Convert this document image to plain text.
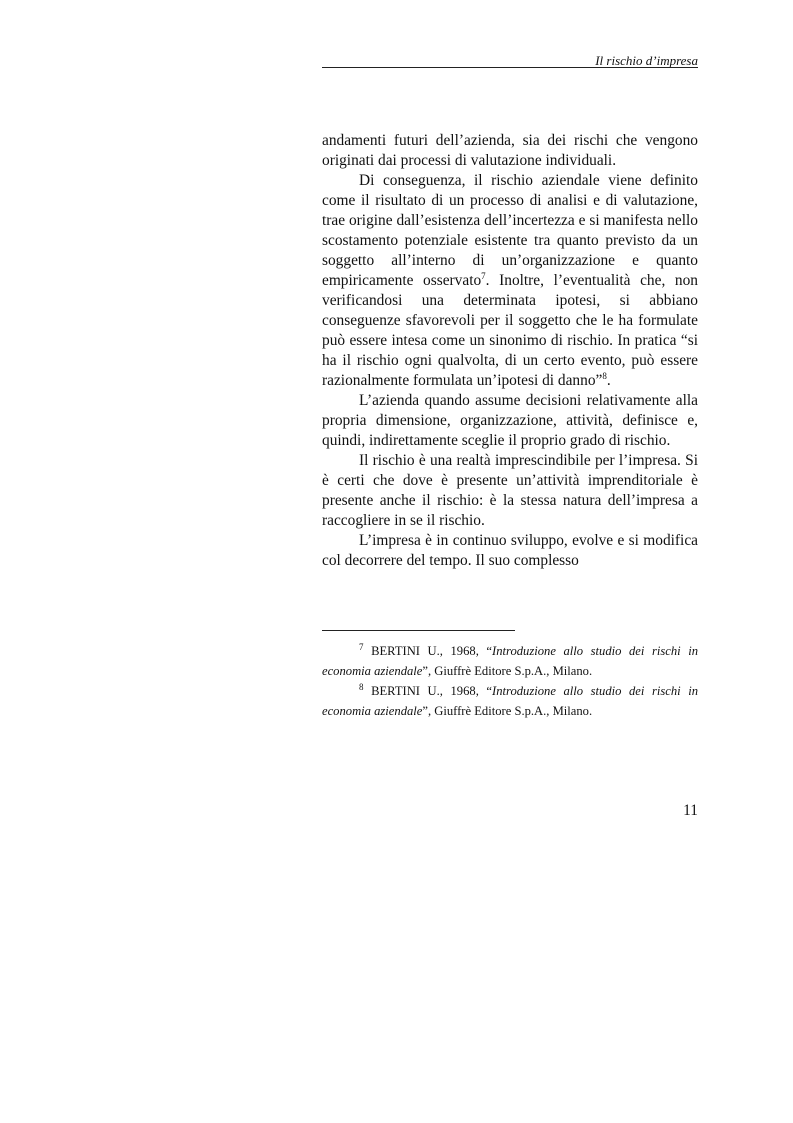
Il rischio d’impresa

andamenti futuri dell’azienda, sia dei rischi che vengono originati dai processi di valutazione individuali.

Di conseguenza, il rischio aziendale viene definito come il risultato di un processo di analisi e di valutazione, trae origine dall’esistenza dell’incertezza e si manifesta nello scostamento potenziale esistente tra quanto previsto da un soggetto all’interno di un’organizzazione e quanto empiricamente osservato$^7$. Inoltre, l’eventualità che, non verificandosi una determinata ipotesi, si abbiano conseguenze sfavorevoli per il soggetto che le ha formulate può essere intesa come un sinonimo di rischio. In pratica “si ha il rischio ogni qualvolta, di un certo evento, può essere razionalmente formulata un’ipotesi di danno”$^8$.

L’azienda quando assume decisioni relativamente alla propria dimensione, organizzazione, attività, definisce e, quindi, indirettamente sceglie il proprio grado di rischio.

Il rischio è una realtà imprescindibile per l’impresa. Si è certi che dove è presente un’attività imprenditoriale è presente anche il rischio: è la stessa natura dell’impresa a raccogliere in se il rischio.

L’impresa è in continuo sviluppo, evolve e si modifica col decorrere del tempo. Il suo complesso

$^7$ BERTINI U., 1968, “Introduzione allo studio dei rischi in economia aziendale”, Giuffrè Editore S.p.A., Milano.

$^8$ BERTINI U., 1968, “Introduzione allo studio dei rischi in economia aziendale”, Giuffrè Editore S.p.A., Milano.

11
